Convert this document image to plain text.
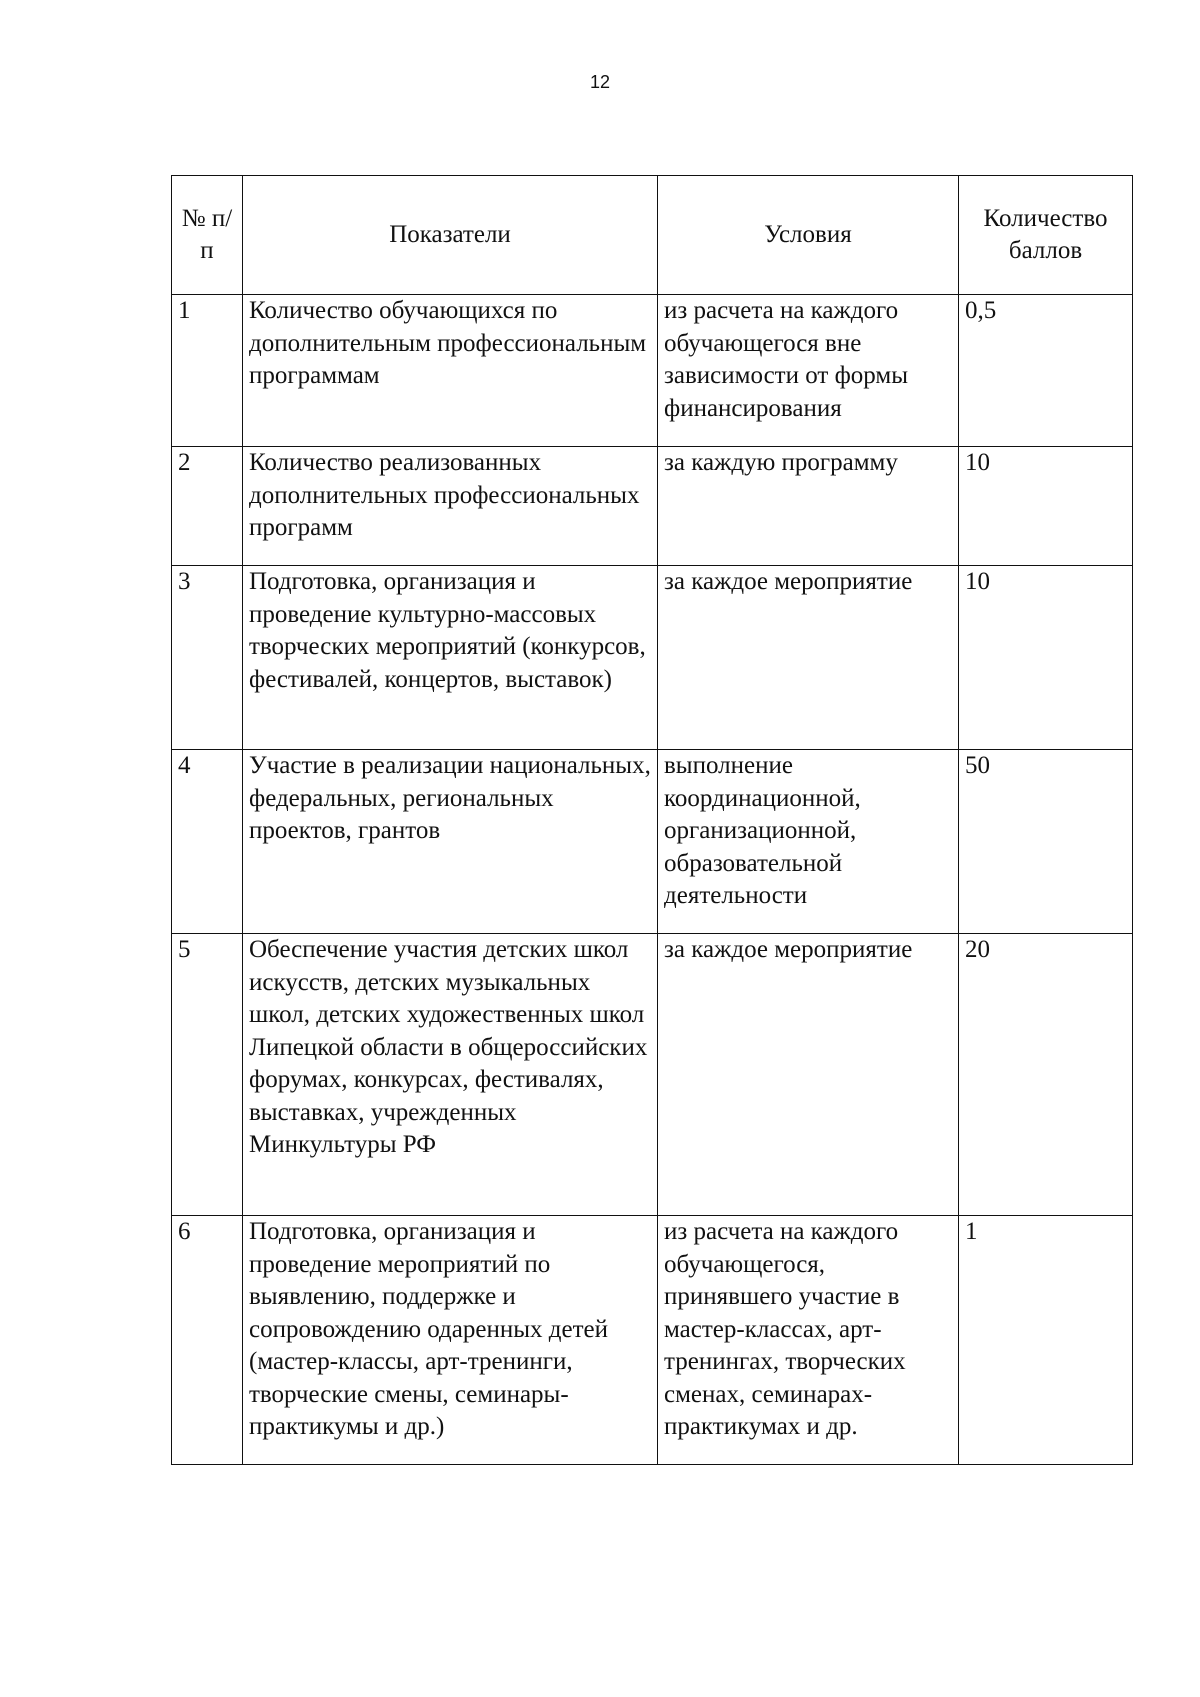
12
№ п/п	Показатели	Условия	Количество баллов
1	Количество обучающихся по дополнительным профессиональным программам	из расчета на каждого обучающегося вне зависимости от формы финансирования	0,5
2	Количество реализованных дополнительных профессиональных программ	за каждую программу	10
3	Подготовка, организация и проведение культурно-массовых творческих мероприятий (конкурсов, фестивалей, концертов, выставок)	за каждое мероприятие	10
4	Участие в реализации национальных, федеральных, региональных проектов, грантов	выполнение координационной, организационной, образовательной деятельности	50
5	Обеспечение участия детских школ искусств, детских музыкальных школ, детских художественных школ Липецкой области в общероссийских форумах, конкурсах, фестивалях, выставках, учрежденных Минкультуры РФ	за каждое мероприятие	20
6	Подготовка, организация и проведение мероприятий по выявлению, поддержке и сопровождению одаренных детей (мастер-классы, арт-тренинги, творческие смены, семинары-практикумы и др.)	из расчета на каждого обучающегося, принявшего участие в мастер-классах, арт-тренингах, творческих сменах, семинарах-практикумах и др.	1
